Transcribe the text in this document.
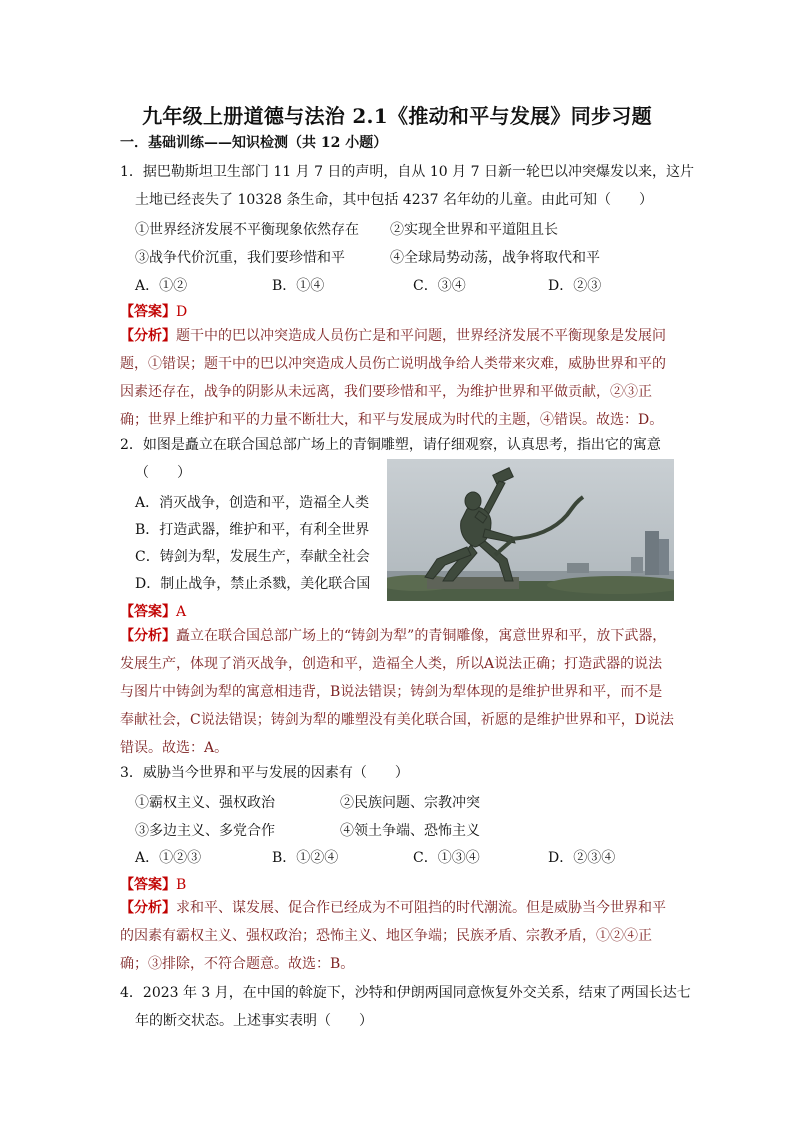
九年级上册道德与法治 2.1《推动和平与发展》同步习题
一．基础训练——知识检测（共 12 小题）
1．据巴勒斯坦卫生部门 11 月 7 日的声明，自从 10 月 7 日新一轮巴以冲突爆发以来，这片
土地已经丧失了 10328 条生命，其中包括 4237 名年幼的儿童。由此可知（　　）
①世界经济发展不平衡现象依然存在 ②实现全世界和平道阻且长
③战争代价沉重，我们要珍惜和平	④全球局势动荡，战争将取代和平
A．①②	B．①④	C．③④	D．②③
【答案】D
【分析】题干中的巴以冲突造成人员伤亡是和平问题，世界经济发展不平衡现象是发展问题，①错误；题干中的巴以冲突造成人员伤亡说明战争给人类带来灾难，威胁世界和平的因素还存在，战争的阴影从未远离，我们要珍惜和平，为维护世界和平做贡献，②③正确；世界上维护和平的力量不断壮大，和平与发展成为时代的主题，④错误。故选：D。
2．如图是矗立在联合国总部广场上的青铜雕塑，请仔细观察，认真思考，指出它的寓意
（　　）
A．消灭战争，创造和平，造福全人类
B．打造武器，维护和平，有利全世界
C．铸剑为犁，发展生产，奉献全社会
D．制止战争，禁止杀戮，美化联合国
【答案】A
【分析】矗立在联合国总部广场上的“铸剑为犁”的青铜雕像，寓意世界和平，放下武器，发展生产，体现了消灭战争，创造和平，造福全人类，所以A说法正确；打造武器的说法与图片中铸剑为犁的寓意相违背，B说法错误；铸剑为犁体现的是维护世界和平，而不是奉献社会，C说法错误；铸剑为犁的雕塑没有美化联合国，祈愿的是维护世界和平，D说法错误。故选：A。
3．威胁当今世界和平与发展的因素有（　　）
①霸权主义、强权政治	②民族问题、宗教冲突
③多边主义、多党合作	④领土争端、恐怖主义
A．①②③	B．①②④	C．①③④	D．②③④
【答案】B
【分析】求和平、谋发展、促合作已经成为不可阻挡的时代潮流。但是威胁当今世界和平的因素有霸权主义、强权政治；恐怖主义、地区争端；民族矛盾、宗教矛盾，①②④正确；③排除，不符合题意。故选：B。
4．2023 年 3 月，在中国的斡旋下，沙特和伊朗两国同意恢复外交关系，结束了两国长达七
年的断交状态。上述事实表明（　　）
